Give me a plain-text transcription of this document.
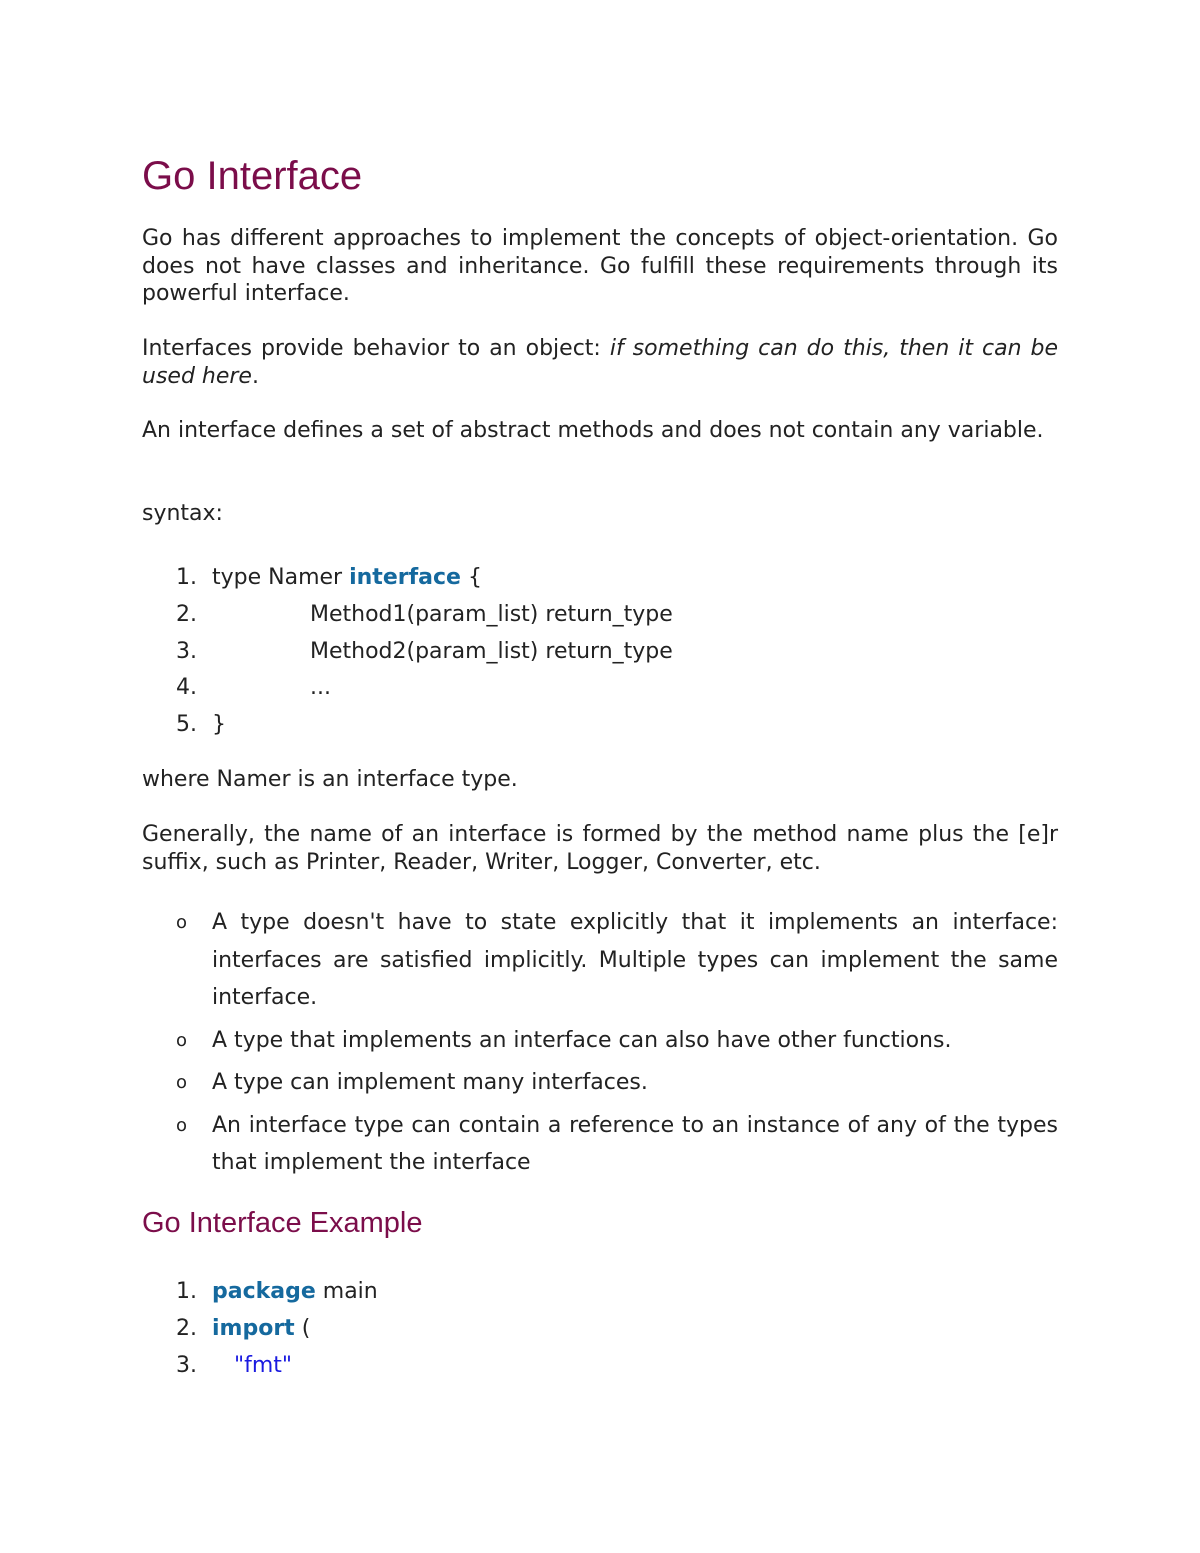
Go Interface

Go has different approaches to implement the concepts of object-orientation. Go does not have classes and inheritance. Go fulfill these requirements through its powerful interface.

Interfaces provide behavior to an object: if something can do this, then it can be used here.

An interface defines a set of abstract methods and does not contain any variable.

syntax:

1. type Namer interface {
2.	Method1(param_list) return_type
3.	Method2(param_list) return_type
4.	...
5. }

where Namer is an interface type.

Generally, the name of an interface is formed by the method name plus the [e]r suffix, such as Printer, Reader, Writer, Logger, Converter, etc.

o A type doesn't have to state explicitly that it implements an interface: interfaces are satisfied implicitly. Multiple types can implement the same interface.
o A type that implements an interface can also have other functions.
o A type can implement many interfaces.
o An interface type can contain a reference to an instance of any of the types that implement the interface
Go Interface Example
1. package main
2. import (
3. "fmt"
